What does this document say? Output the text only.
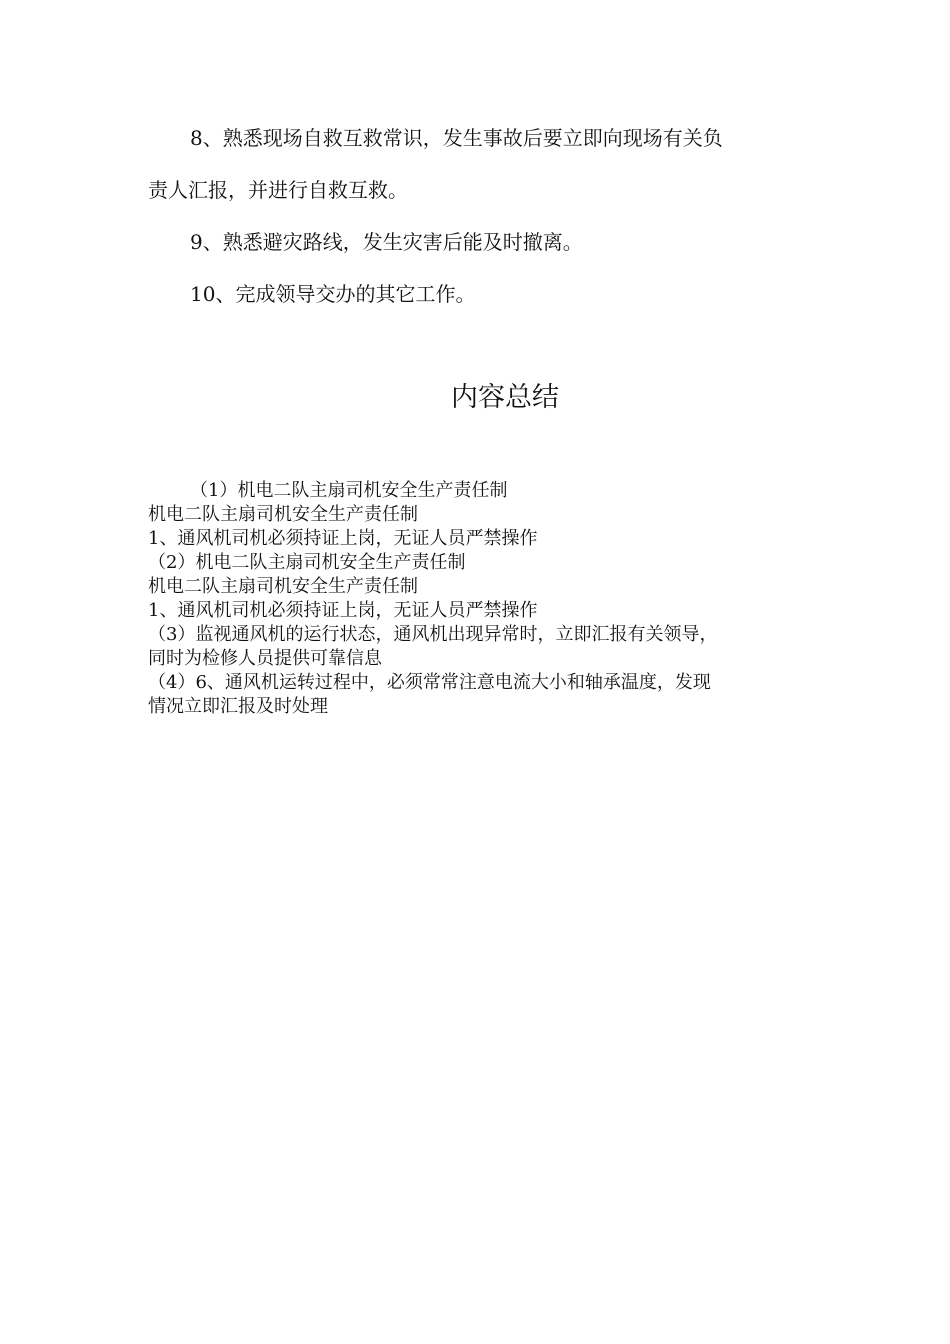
8、熟悉现场自救互救常识，发生事故后要立即向现场有关负
责人汇报，并进行自救互救。
9、熟悉避灾路线，发生灾害后能及时撤离。
10、完成领导交办的其它工作。
内容总结
（1）机电二队主扇司机安全生产责任制
机电二队主扇司机安全生产责任制
1、通风机司机必须持证上岗，无证人员严禁操作
（2）机电二队主扇司机安全生产责任制
机电二队主扇司机安全生产责任制
1、通风机司机必须持证上岗，无证人员严禁操作
（3）监视通风机的运行状态，通风机出现异常时，立即汇报有关领导，
同时为检修人员提供可靠信息
（4）6、通风机运转过程中，必须常常注意电流大小和轴承温度，发现
情况立即汇报及时处理
